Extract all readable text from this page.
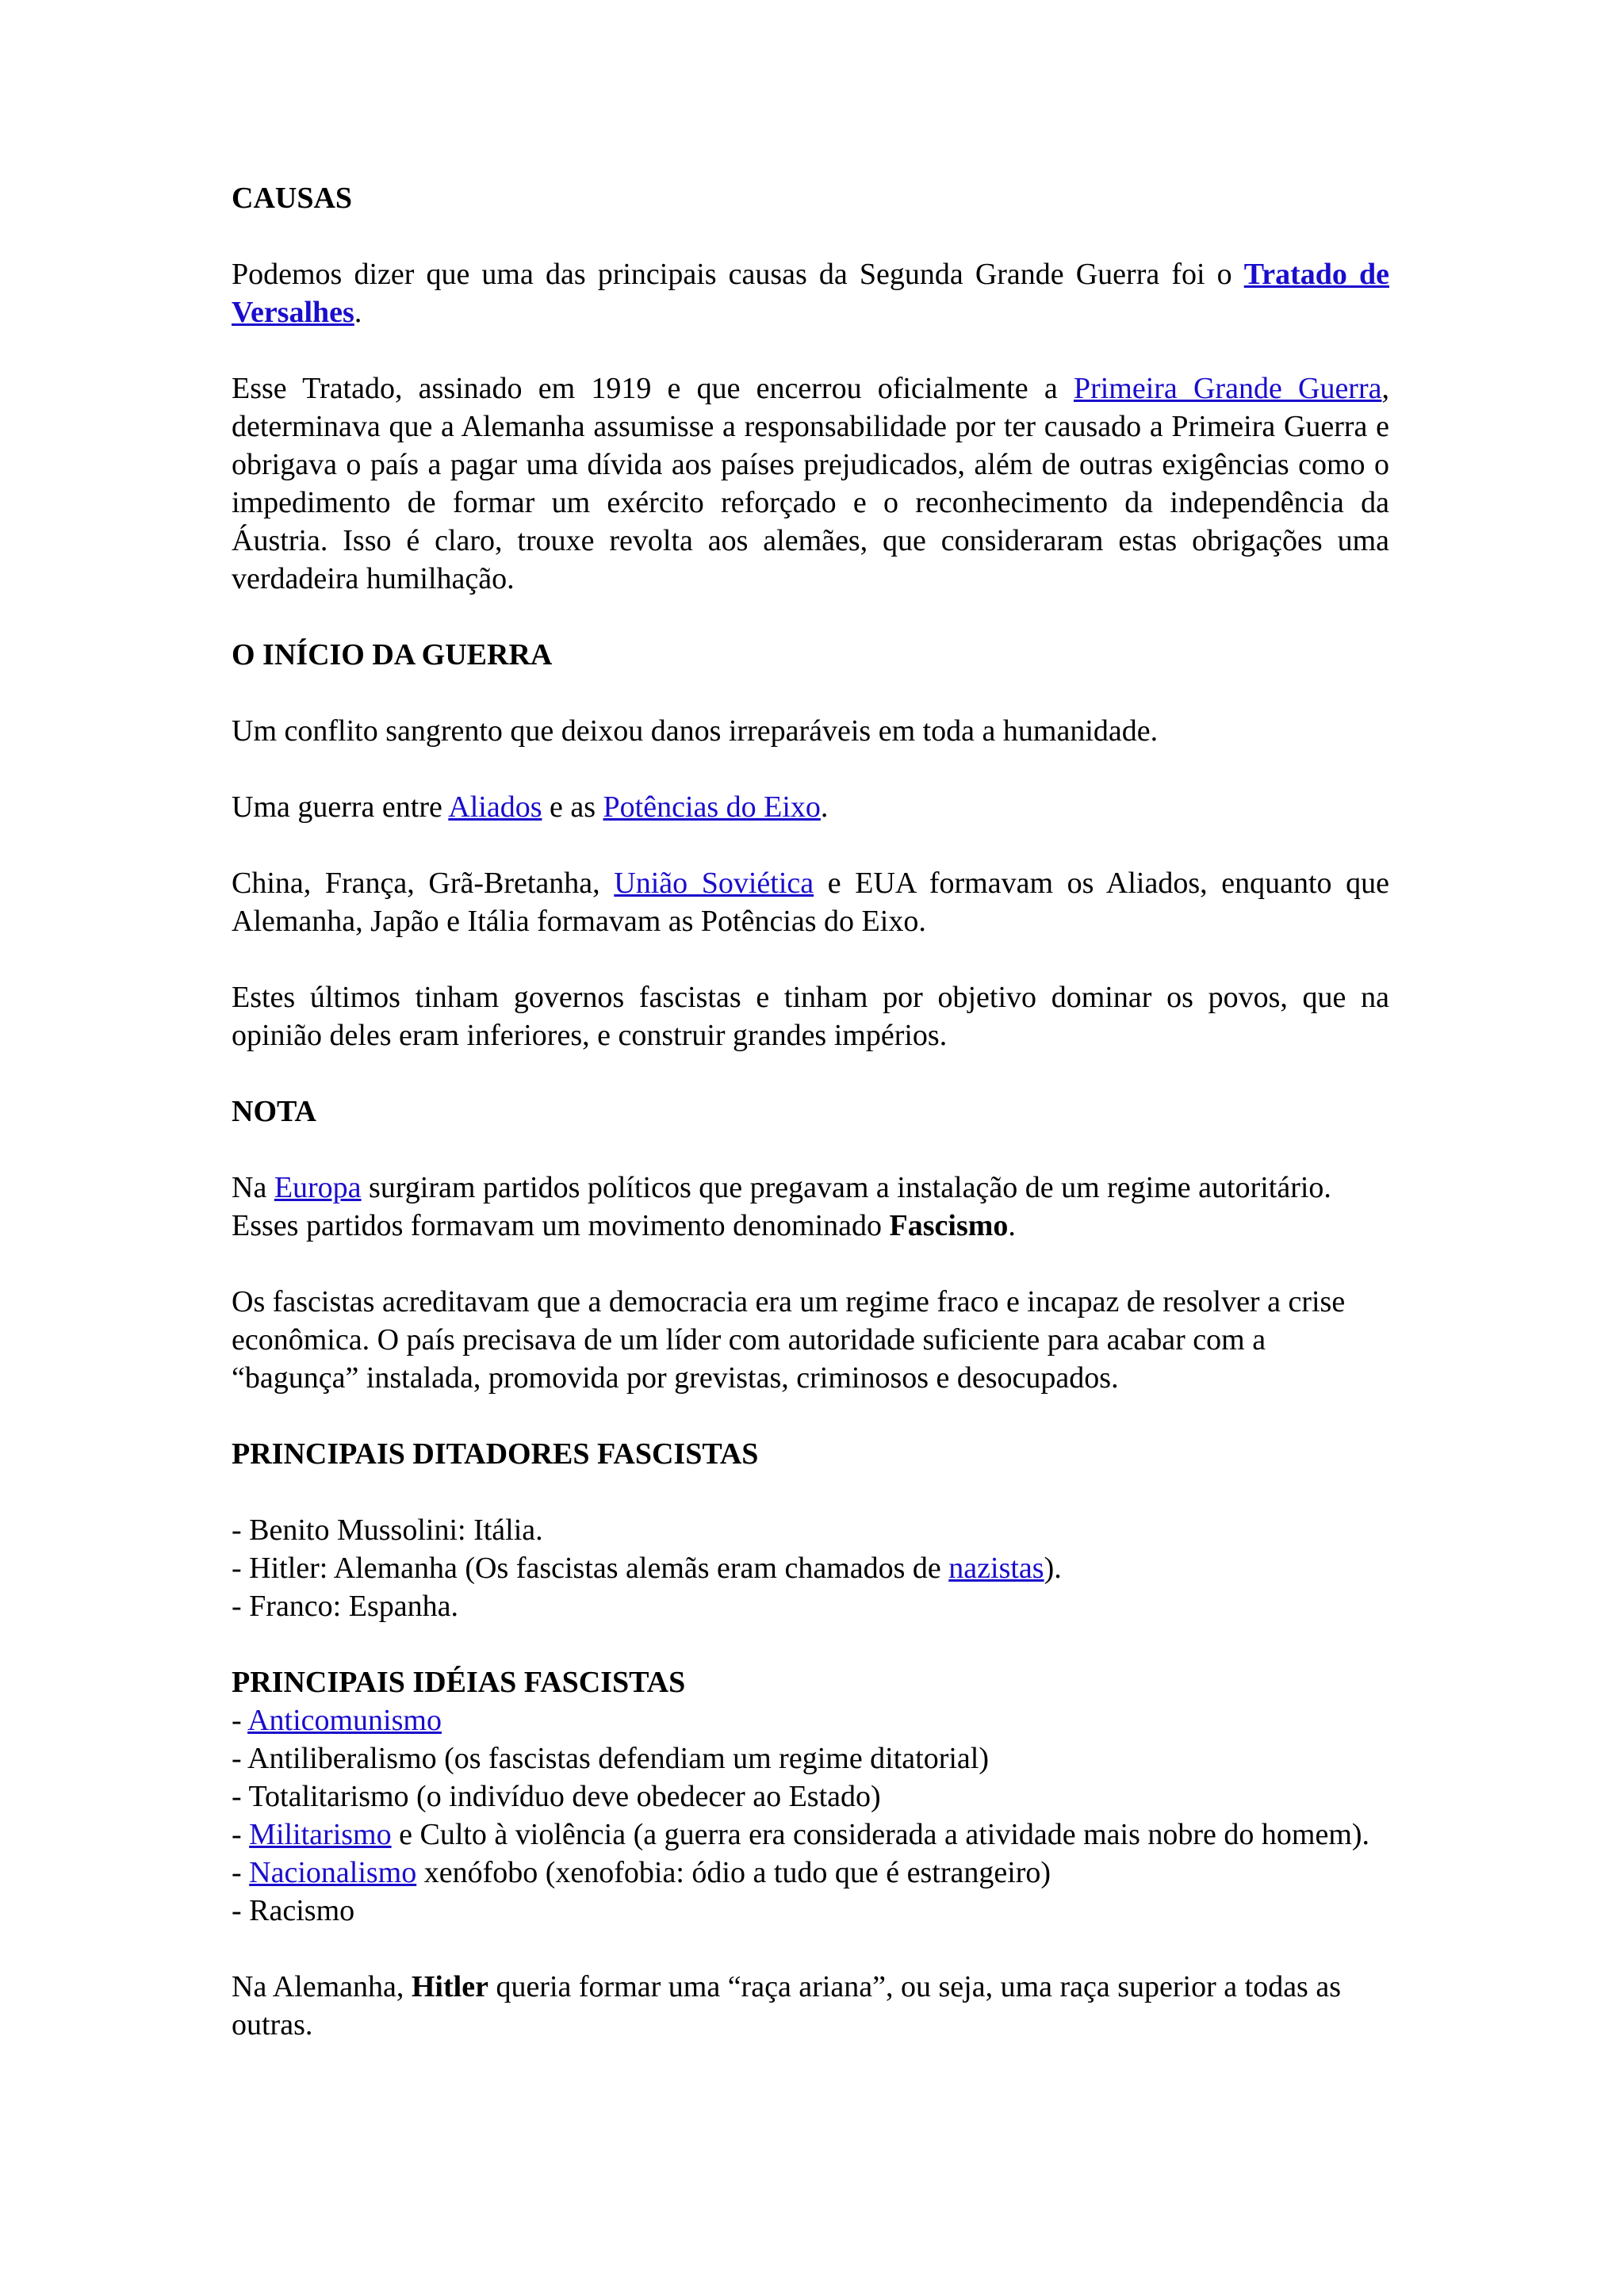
CAUSAS

Podemos dizer que uma das principais causas da Segunda Grande Guerra foi o Tratado de Versalhes.

Esse Tratado, assinado em 1919 e que encerrou oficialmente a Primeira Grande Guerra, determinava que a Alemanha assumisse a responsabilidade por ter causado a Primeira Guerra e obrigava o país a pagar uma dívida aos países prejudicados, além de outras exigências como o impedimento de formar um exército reforçado e o reconhecimento da independência da Áustria. Isso é claro, trouxe revolta aos alemães, que consideraram estas obrigações uma verdadeira humilhação.

O INÍCIO DA GUERRA

Um conflito sangrento que deixou danos irreparáveis em toda a humanidade.

Uma guerra entre Aliados e as Potências do Eixo.

China, França, Grã-Bretanha, União Soviética e EUA formavam os Aliados, enquanto que Alemanha, Japão e Itália formavam as Potências do Eixo.

Estes últimos tinham governos fascistas e tinham por objetivo dominar os povos, que na opinião deles eram inferiores, e construir grandes impérios.

NOTA

Na Europa surgiram partidos políticos que pregavam a instalação de um regime autoritário. Esses partidos formavam um movimento denominado Fascismo.

Os fascistas acreditavam que a democracia era um regime fraco e incapaz de resolver a crise econômica. O país precisava de um líder com autoridade suficiente para acabar com a “bagunça” instalada, promovida por grevistas, criminosos e desocupados.

PRINCIPAIS DITADORES FASCISTAS
- Benito Mussolini: Itália.
- Hitler: Alemanha (Os fascistas alemãs eram chamados de nazistas).
- Franco: Espanha.
PRINCIPAIS IDÉIAS FASCISTAS
- Anticomunismo
- Antiliberalismo (os fascistas defendiam um regime ditatorial)
- Totalitarismo (o indivíduo deve obedecer ao Estado)
- Militarismo e Culto à violência (a guerra era considerada a atividade mais nobre do homem).
- Nacionalismo xenófobo (xenofobia: ódio a tudo que é estrangeiro)
- Racismo

Na Alemanha, Hitler queria formar uma “raça ariana”, ou seja, uma raça superior a todas as outras.
